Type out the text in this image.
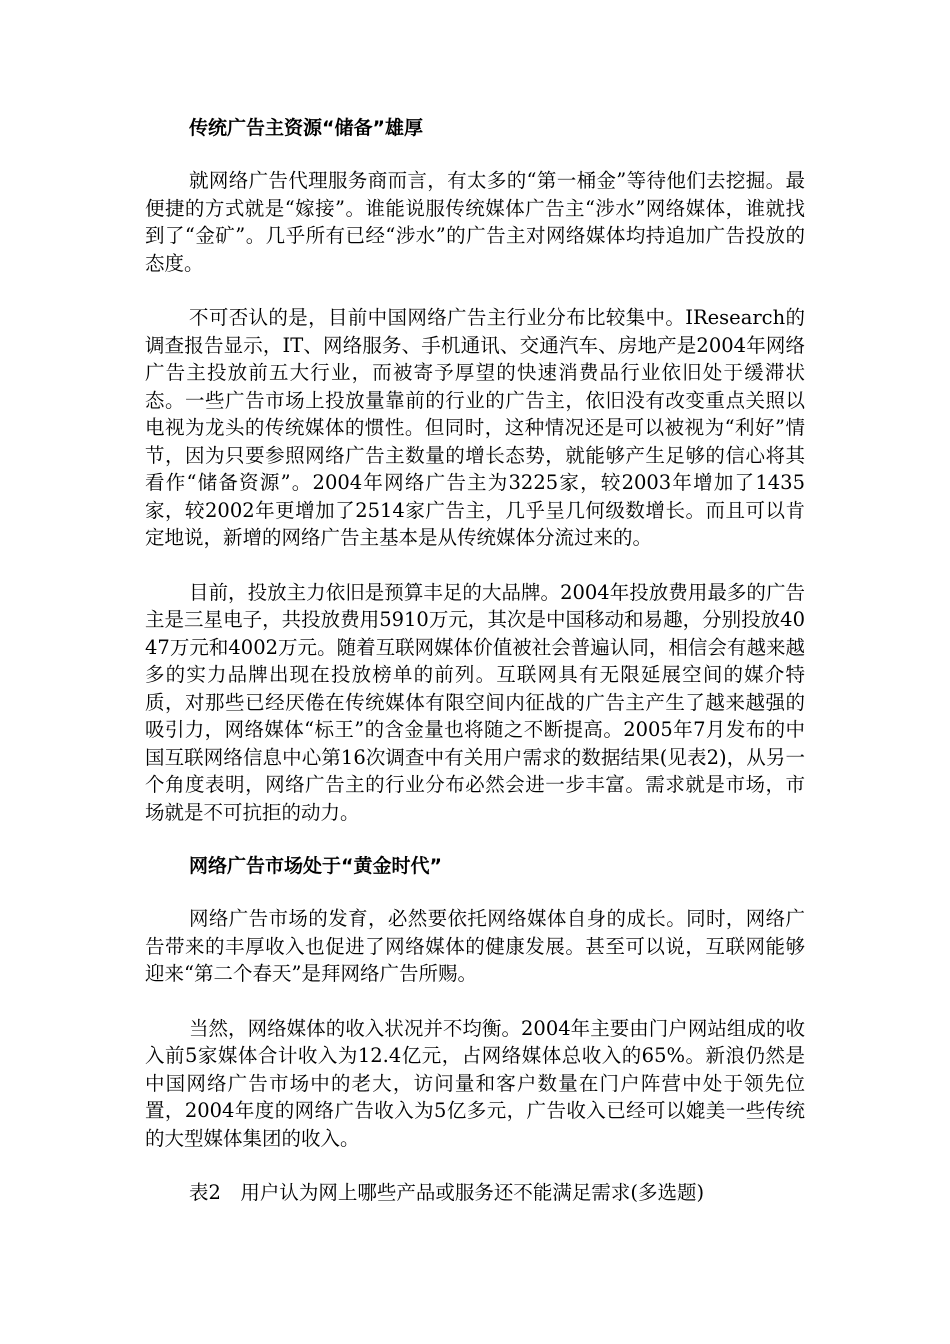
传统广告主资源“储备”雄厚

就网络广告代理服务商而言，有太多的“第一桶金”等待他们去挖掘。最便捷的方式就是“嫁接”。谁能说服传统媒体广告主“涉水”网络媒体，谁就找到了“金矿”。几乎所有已经“涉水”的广告主对网络媒体均持追加广告投放的态度。

不可否认的是，目前中国网络广告主行业分布比较集中。IResearch的调查报告显示，IT、网络服务、手机通讯、交通汽车、房地产是2004年网络广告主投放前五大行业，而被寄予厚望的快速消费品行业依旧处于缓滞状态。一些广告市场上投放量靠前的行业的广告主，依旧没有改变重点关照以电视为龙头的传统媒体的惯性。但同时，这种情况还是可以被视为“利好”情节，因为只要参照网络广告主数量的增长态势，就能够产生足够的信心将其看作“储备资源”。2004年网络广告主为3225家，较2003年增加了1435家，较2002年更增加了2514家广告主，几乎呈几何级数增长。而且可以肯定地说，新增的网络广告主基本是从传统媒体分流过来的。

目前，投放主力依旧是预算丰足的大品牌。2004年投放费用最多的广告主是三星电子，共投放费用5910万元，其次是中国移动和易趣，分别投放4047万元和4002万元。随着互联网媒体价值被社会普遍认同，相信会有越来越多的实力品牌出现在投放榜单的前列。互联网具有无限延展空间的媒介特质，对那些已经厌倦在传统媒体有限空间内征战的广告主产生了越来越强的吸引力，网络媒体“标王”的含金量也将随之不断提高。2005年7月发布的中国互联网络信息中心第16次调查中有关用户需求的数据结果(见表2)，从另一个角度表明，网络广告主的行业分布必然会进一步丰富。需求就是市场，市场就是不可抗拒的动力。

网络广告市场处于“黄金时代”

网络广告市场的发育，必然要依托网络媒体自身的成长。同时，网络广告带来的丰厚收入也促进了网络媒体的健康发展。甚至可以说，互联网能够迎来“第二个春天”是拜网络广告所赐。

当然，网络媒体的收入状况并不均衡。2004年主要由门户网站组成的收入前5家媒体合计收入为12.4亿元，占网络媒体总收入的65%。新浪仍然是中国网络广告市场中的老大，访问量和客户数量在门户阵营中处于领先位置，2004年度的网络广告收入为5亿多元，广告收入已经可以媲美一些传统的大型媒体集团的收入。

表2　用户认为网上哪些产品或服务还不能满足需求(多选题)
